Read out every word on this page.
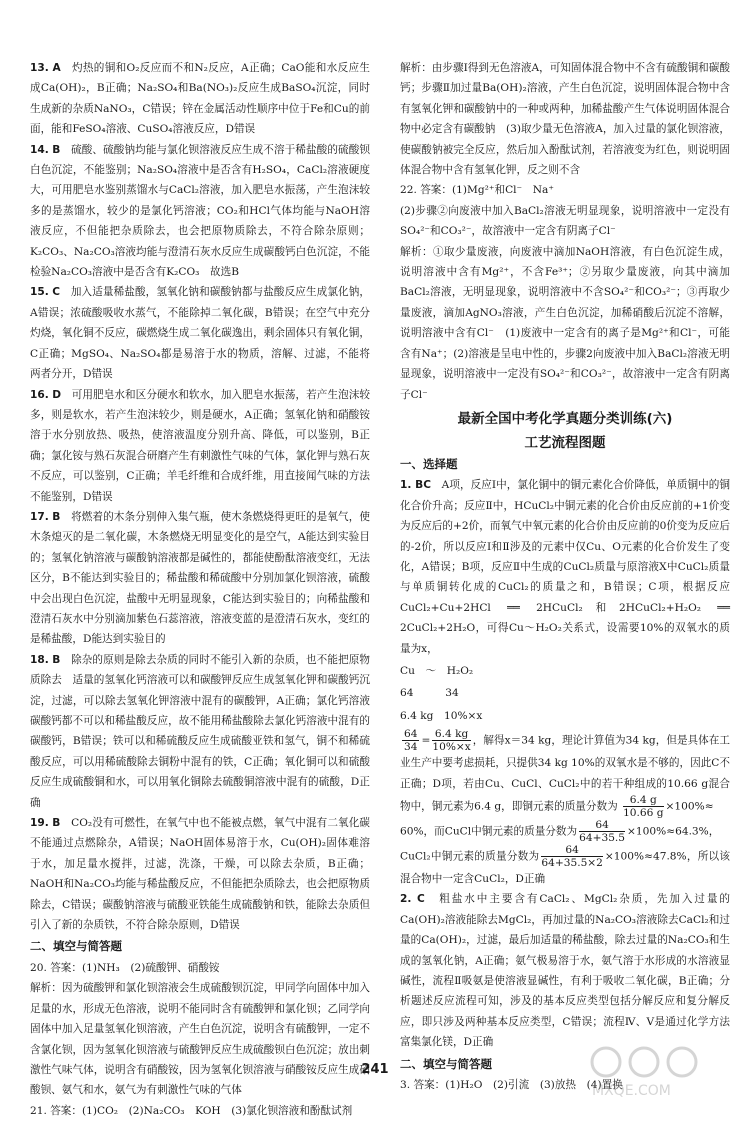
13. A　 灼热的铜和O₂反应而不和N₂反应，A正确；CaO能和水反应生成Ca(OH)₂，B正确；Na₂SO₄和Ba(NO₃)₂反应生成BaSO₄沉淀，同时生成新的杂质NaNO₃，C错误；锌在金属活动性顺序中位于Fe和Cu的前面，能和FeSO₄溶液、CuSO₄溶液反应，D错误

14. B　 硫酸、硫酸钠均能与氯化钡溶液反应生成不溶于稀盐酸的硫酸钡白色沉淀，不能鉴别；Na₂SO₄溶液中是否含有H₂SO₄，CaCl₂溶液硬度大，可用肥皂水鉴别蒸馏水与CaCl₂溶液，加入肥皂水振荡，产生泡沫较多的是蒸馏水，较少的是氯化钙溶液；CO₂和HCl气体均能与NaOH溶液反应，不但能把杂质除去，也会把原物质除去，不符合除杂原则；K₂CO₃、Na₂CO₃溶液均能与澄清石灰水反应生成碳酸钙白色沉淀，不能检验Na₂CO₃溶液中是否含有K₂CO₃　故选B

15. C　 加入适量稀盐酸，氢氧化钠和碳酸钠都与盐酸反应生成氯化钠，A错误；浓硫酸吸收水蒸气，不能除掉二氧化碳，B错误；在空气中充分灼烧，氧化铜不反应，碳燃烧生成二氧化碳逸出，剩余固体只有氧化铜，C正确；MgSO₄、Na₂SO₄都是易溶于水的物质，溶解、过滤，不能将两者分开，D错误

16. D　 可用肥皂水和区分硬水和软水，加入肥皂水振荡，若产生泡沫较多，则是软水，若产生泡沫较少，则是硬水，A正确；氢氧化钠和硝酸铵溶于水分别放热、吸热，使溶液温度分别升高、降低，可以鉴别，B正确；氯化铵与熟石灰混合研磨产生有刺激性气味的气体，氯化钾与熟石灰不反应，可以鉴别，C正确；羊毛纤维和合成纤维，用直接闻气味的方法不能鉴别，D错误

17. B　 将燃着的木条分别伸入集气瓶，使木条燃烧得更旺的是氧气，使木条熄灭的是二氧化碳，木条燃烧无明显变化的是空气，A能达到实验目的；氢氧化钠溶液与碳酸钠溶液都是碱性的，都能使酚酞溶液变红，无法区分，B不能达到实验目的；稀盐酸和稀硫酸中分别加氯化钡溶液，硫酸中会出现白色沉淀，盐酸中无明显现象，C能达到实验目的；向稀盐酸和澄清石灰水中分别滴加紫色石蕊溶液，溶液变蓝的是澄清石灰水，变红的是稀盐酸，D能达到实验目的

18. B　 除杂的原则是除去杂质的同时不能引入新的杂质，也不能把原物质除去　适量的氢氧化钙溶液可以和碳酸钾反应生成氢氧化钾和碳酸钙沉淀，过滤，可以除去氢氧化钾溶液中混有的碳酸钾，A正确；氯化钙溶液碳酸钙都不可以和稀盐酸反应，故不能用稀盐酸除去氯化钙溶液中混有的碳酸钙，B错误；铁可以和稀硫酸反应生成硫酸亚铁和氢气，铜不和稀硫酸反应，可以用稀硫酸除去铜粉中混有的铁，C正确；氧化铜可以和硫酸反应生成硫酸铜和水，可以用氧化铜除去硫酸铜溶液中混有的硫酸，D正确

19. B　 CO₂没有可燃性，在氧气中也不能被点燃，氧气中混有二氧化碳不能通过点燃除杂，A错误；NaOH固体易溶于水，Cu(OH)₂固体难溶于水，加足量水搅拌，过滤，洗涤，干燥，可以除去杂质，B正确；NaOH和Na₂CO₃均能与稀盐酸反应，不但能把杂质除去，也会把原物质除去，C错误；碳酸钠溶液与硫酸亚铁能生成硫酸钠和铁，能除去杂质但引入了新的杂质铁，不符合除杂原则，D错误

二、填空与简答题

20. 答案：(1)NH₃　(2)硫酸钾、硝酸铵

解析：因为硫酸钾和氯化钡溶液会生成硫酸钡沉淀，甲同学向固体中加入足量的水，形成无色溶液，说明不能同时含有硫酸钾和氯化钡；乙同学向固体中加入足量氢氧化钡溶液，产生白色沉淀，说明含有硫酸钾，一定不含氯化钡，因为氢氧化钡溶液与硫酸钾反应生成硫酸钡白色沉淀；放出刺激性气味气体，说明含有硝酸铵，因为氢氧化钡溶液与硝酸铵反应生成硝酸钡、氨气和水，氨气为有刺激性气味的气体

21. 答案：(1)CO₂　(2)Na₂CO₃　KOH　(3)氯化钡溶液和酚酞试剂

解析：由步骤Ⅰ得到无色溶液A，可知固体混合物中不含有硫酸铜和碳酸钙；步骤Ⅱ加过量Ba(OH)₂溶液，产生白色沉淀，说明固体混合物中含有氢氧化钾和碳酸钠中的一种或两种，加稀盐酸产生气体说明固体混合物中必定含有碳酸钠　(3)取少量无色溶液A，加入过量的氯化钡溶液，使碳酸钠被完全反应，然后加入酚酞试剂，若溶液变为红色，则说明固体混合物中含有氢氧化钾，反之则不含

22. 答案：(1)Mg²⁺和Cl⁻　Na⁺

(2)步骤②向废液中加入BaCl₂溶液无明显现象，说明溶液中一定没有SO₄²⁻和CO₃²⁻，故溶液中一定含有阴离子Cl⁻

解析：①取少量废液，向废液中滴加NaOH溶液，有白色沉淀生成，说明溶液中含有Mg²⁺，不含Fe³⁺；②另取少量废液，向其中滴加BaCl₂溶液，无明显现象，说明溶液中不含SO₄²⁻和CO₃²⁻；③再取少量废液，滴加AgNO₃溶液，产生白色沉淀，加稀硝酸后沉淀不溶解，说明溶液中含有Cl⁻　(1)废液中一定含有的离子是Mg²⁺和Cl⁻，可能含有Na⁺；(2)溶液是呈电中性的，步骤2向废液中加入BaCl₂溶液无明显现象，说明溶液中一定没有SO₄²⁻和CO₃²⁻，故溶液中一定含有阴离子Cl⁻

最新全国中考化学真题分类训练(六)
工艺流程图题
一、选择题

1. BC　 A项，反应Ⅰ中，氯化铜中的铜元素化合价降低，单质铜中的铜化合价升高；反应Ⅱ中，HCuCl₂中铜元素的化合价由反应前的+1价变为反应后的+2价，而氧气中氧元素的化合价由反应前的0价变为反应后的-2价，所以反应Ⅰ和Ⅱ涉及的元素中仅Cu、O元素的化合价发生了变化，A错误；B项，反应Ⅱ中生成的CuCl₂质量与原溶液X中CuCl₂质量与单质铜转化成的CuCl₂的质量之和，B错误；C项，根据反应CuCl₂+Cu+2HCl ══ 2HCuCl₂和2HCuCl₂+H₂O₂ ══ 2CuCl₂+2H₂O，可得Cu～H₂O₂关系式，设需要10%的双氧水的质量为x，

Cu　～　H₂O₂
64　　　34
6.4 kg　10%×x

$\frac{64}{34} = \frac{6.4 kg}{10\%\times x}$ ，解得x＝34 kg，理论计算值为34 kg，但是具体在工业生产中要考虑损耗，只提供34 kg 10%的双氧水是不够的，因此C不正确；D项，若由Cu、CuCl、CuCl₂中的若干种组成的10.66 g混合物中，铜元素为6.4 g，即铜元素的质量分数为 $\frac{6.4 g}{10.66 g} \times 100\%\approx$

60%，而CuCl中铜元素的质量分数为 $\frac{64}{64+35.5} \times 100\%\approx 64.3\%$，

CuCl₂中铜元素的质量分数为 $\frac{64}{64+35.5\times 2} \times 100\%\approx 47.8\%$，所以该混合物中一定含CuCl₂，D正确

2. C　 粗盐水中主要含有CaCl₂、MgCl₂杂质，先加入过量的Ca(OH)₂溶液能除去MgCl₂，再加过量的Na₂CO₃溶液除去CaCl₂和过量的Ca(OH)₂，过滤，最后加适量的稀盐酸，除去过量的Na₂CO₃和生成的氢氧化钠，A正确；氨气极易溶于水，氨气溶于水形成的水溶液显碱性，流程Ⅱ吸氨是使溶液显碱性，有利于吸收二氧化碳，B正确；分析题述反应流程可知，涉及的基本反应类型包括分解反应和复分解反应，即只涉及两种基本反应类型，C错误；流程Ⅳ、Ⅴ是通过化学方法富集氯化镁，D正确

二、填空与简答题

3. 答案：(1)H₂O　(2)引流　(3)放热　(4)置换

241
MXQE.COM
